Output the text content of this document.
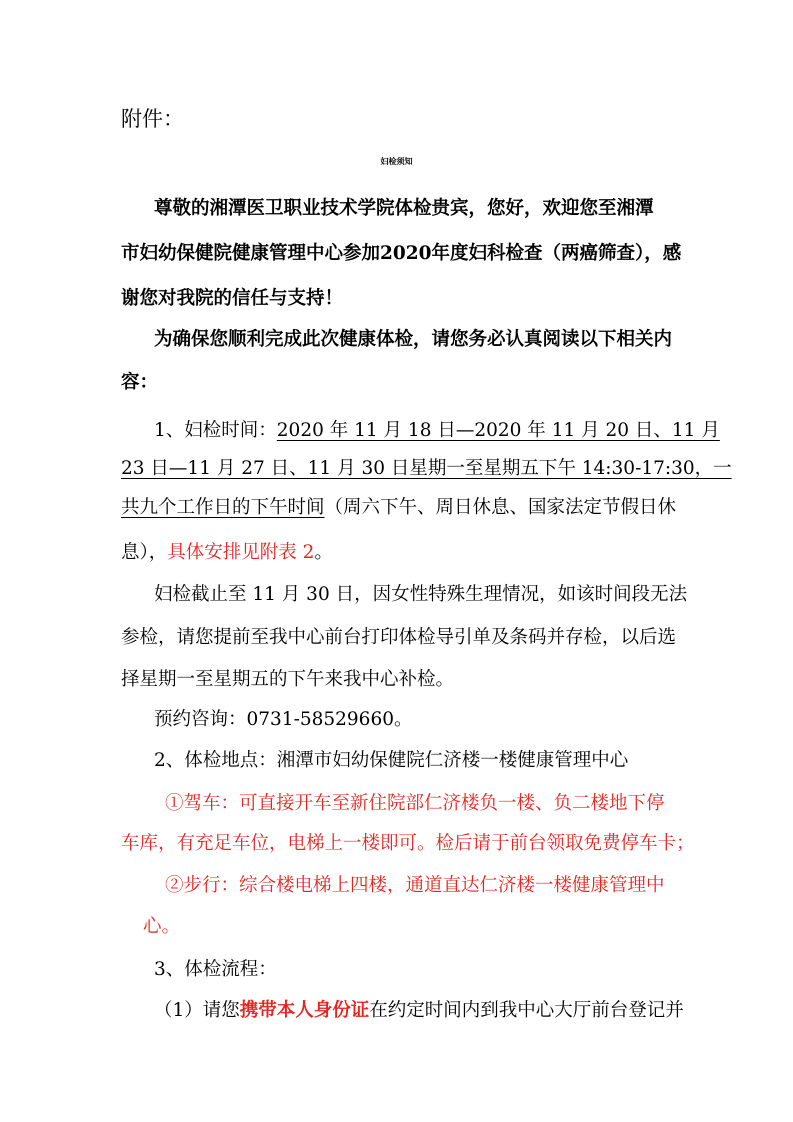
附件：
妇检须知
尊敬的湘潭医卫职业技术学院体检贵宾，您好，欢迎您至湘潭
市妇幼保健院健康管理中心参加2020年度妇科检查（两癌筛查），感
谢您对我院的信任与支持！
为确保您顺利完成此次健康体检，请您务必认真阅读以下相关内
容：
1、妇检时间：2020 年 11 月 18 日—2020 年 11 月 20 日、11 月
23 日—11 月 27 日、11 月 30 日星期一至星期五下午 14:30-17:30，一
共九个工作日的下午时间（周六下午、周日休息、国家法定节假日休
息），具体安排见附表 2。
妇检截止至 11 月 30 日，因女性特殊生理情况，如该时间段无法
参检，请您提前至我中心前台打印体检导引单及条码并存检，以后选
择星期一至星期五的下午来我中心补检。
预约咨询：0731-58529660。
2、体检地点：湘潭市妇幼保健院仁济楼一楼健康管理中心
①驾车：可直接开车至新住院部仁济楼负一楼、负二楼地下停
车库，有充足车位，电梯上一楼即可。检后请于前台领取免费停车卡；
②步行：综合楼电梯上四楼，通道直达仁济楼一楼健康管理中
心。
3、体检流程：
（1）请您携带本人身份证在约定时间内到我中心大厅前台登记并
